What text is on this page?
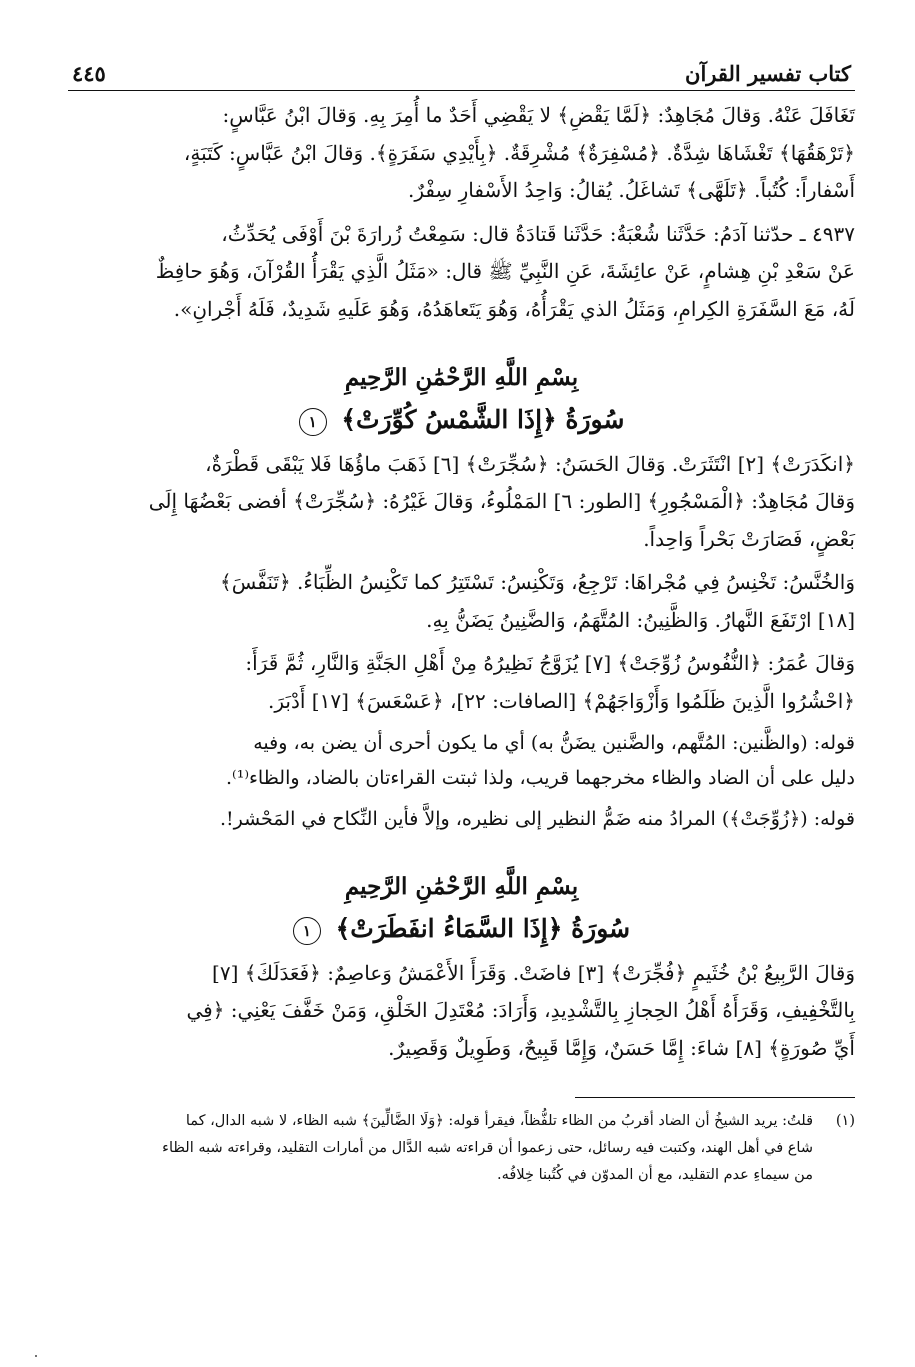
كتاب تفسير القرآن
٤٤٥

تَغَافَلَ عَنْهُ. وَقالَ مُجَاهِدٌ: ﴿لَمَّا يَقْضِ﴾ لا يَقْضِي أَحَدٌ ما أُمِرَ بِهِ. وَقالَ ابْنُ عَبَّاسٍ:

﴿تَرْهَقُهَا﴾ تَغْشَاهَا شِدَّةٌ. ﴿مُسْفِرَةٌ﴾ مُشْرِقَةٌ. ﴿بِأَيْدِي سَفَرَةٍ﴾. وَقالَ ابْنُ عَبَّاسٍ: كَتَبَةٍ،

أَسْفاراً: كُتُباً. ﴿تَلَهَّى﴾ تَشاغَلُ. يُقالُ: وَاحِدُ الأَسْفارِ سِفْرٌ.

٤٩٣٧ ـ حدّثنا آدَمُ: حَدَّثَنا شُعْبَةُ: حَدَّثَنا قَتادَةُ قال: سَمِعْتُ زُرارَةَ بْنَ أَوْفَى يُحَدِّثُ،

عَنْ سَعْدِ بْنِ هِشامٍ، عَنْ عائِشَةَ، عَنِ النَّبِيِّ ﷺ قال: «مَثَلُ الَّذِي يَقْرَأُ القُرْآنَ، وَهُوَ حافِظٌ

لَهُ، مَعَ السَّفَرَةِ الكِرامِ، وَمَثَلُ الذي يَقْرَأُهُ، وَهُوَ يَتَعاهَدُهُ، وَهُوَ عَلَيهِ شَدِيدٌ، فَلَهُ أَجْرانِ».

بِسْمِ اللَّهِ الرَّحْمَٰنِ الرَّحِيمِ
سُورَةُ ﴿إِذَا الشَّمْسُ كُوِّرَتْ﴾ ١

﴿انكَدَرَتْ﴾ [٢] انْتَثَرَتْ. وَقالَ الحَسَنُ: ﴿سُجِّرَتْ﴾ [٦] ذَهَبَ ماؤُهَا فَلا يَبْقَى قَطْرَةٌ،

وَقالَ مُجَاهِدٌ: ﴿الْمَسْجُورِ﴾ [الطور: ٦] المَمْلُوءُ، وَقالَ غَيْرُهُ: ﴿سُجِّرَتْ﴾ أفضى بَعْضُهَا إِلَى

بَعْضٍ، فَصَارَتْ بَحْراً وَاحِداً.

وَالخُنَّسُ: تَخْنِسُ فِي مُجْراهَا: تَرْجِعُ، وَتَكْنِسُ: تَسْتَتِرُ كما تَكْنِسُ الظِّبَاءُ. ﴿تَنَفَّسَ﴾

[١٨] ارْتَفَعَ النَّهارُ. وَالظَّنِينُ: المُتَّهَمُ، وَالضَّنِينُ يَضَنُّ بِهِ.

وَقالَ عُمَرُ: ﴿النُّفُوسُ زُوِّجَتْ﴾ [٧] يُزَوَّجُ نَظِيرُهُ مِنْ أَهْلِ الجَنَّةِ وَالنَّارِ، ثُمَّ قَرَأَ:

﴿احْشُرُوا الَّذِينَ ظَلَمُوا وَأَزْوَاجَهُمْ﴾ [الصافات: ٢٢]، ﴿عَسْعَسَ﴾ [١٧] أَدْبَرَ.

قوله: (والظَّنين: المُتَّهم، والضَّنين يضَنُّ به) أي ما يكون أحرى أن يضن به، وفيه

دليل على أن الضاد والظاء مخرجهما قريب، ولذا ثبتت القراءتان بالضاد، والظاء⁽¹⁾.

قوله: (﴿زُوِّجَتْ﴾) المرادُ منه ضَمُّ النظير إلى نظيره، وإلاَّ فأين النِّكاح في المَحْشر!.

بِسْمِ اللَّهِ الرَّحْمَٰنِ الرَّحِيمِ
سُورَةُ ﴿إِذَا السَّمَاءُ انفَطَرَتْ﴾ ١

وَقالَ الرَّبِيعُ بْنُ خُثَيمٍ ﴿فُجِّرَتْ﴾ [٣] فاضَتْ. وَقَرَأَ الأَعْمَشُ وَعاصِمٌ: ﴿فَعَدَلَكَ﴾ [٧]

بِالتَّخْفِيفِ، وَقَرَأَهُ أَهْلُ الحِجازِ بِالتَّشْدِيدِ، وَأَرَادَ: مُعْتَدِلَ الخَلْقِ، وَمَنْ خَفَّفَ يَعْنِي: ﴿فِي

أَيِّ صُورَةٍ﴾ [٨] شاءَ: إِمَّا حَسَنٌ، وَإِمَّا قَبِيحٌ، وَطَوِيلٌ وَقَصِيرٌ.

(١)
قلتُ: يريد الشيخُ أن الضاد أقربُ من الظاء تلفُّظاً، فيقرأ قوله: ﴿وَلَا الضَّالِّينَ﴾ شبه الظاء، لا شبه الدال، كما
شاع في أهل الهند، وكتبت فيه رسائل، حتى زعموا أن قراءته شبه الدَّال من أمارات التقليد، وقراءته شبه الظاء
من سيماءِ عدم التقليد، مع أن المدوّن في كُتُبنا خِلافُه.
